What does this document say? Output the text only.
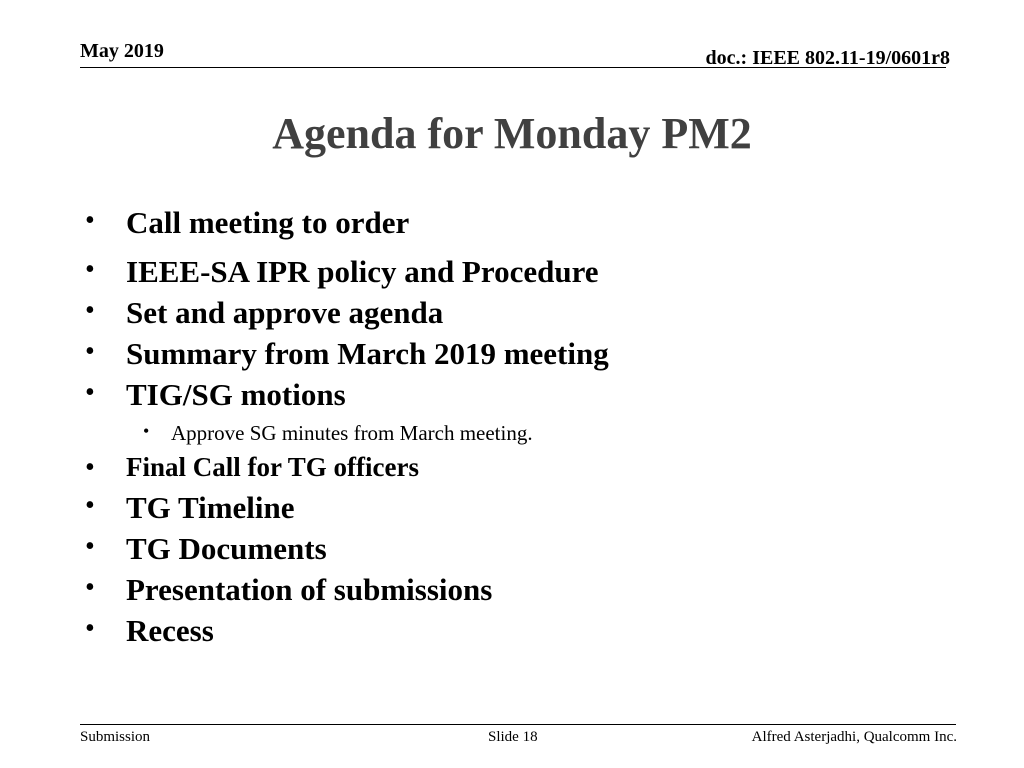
May 2019	doc.: IEEE 802.11-19/0601r8
Agenda for Monday PM2
• Call meeting to order
• IEEE-SA IPR policy and Procedure
• Set and approve agenda
• Summary from March 2019 meeting
• TIG/SG motions
• Approve SG minutes from March meeting.
• Final Call for TG officers
• TG Timeline
• TG Documents
• Presentation of submissions
• Recess
Submission	Slide 18	Alfred Asterjadhi, Qualcomm Inc.
